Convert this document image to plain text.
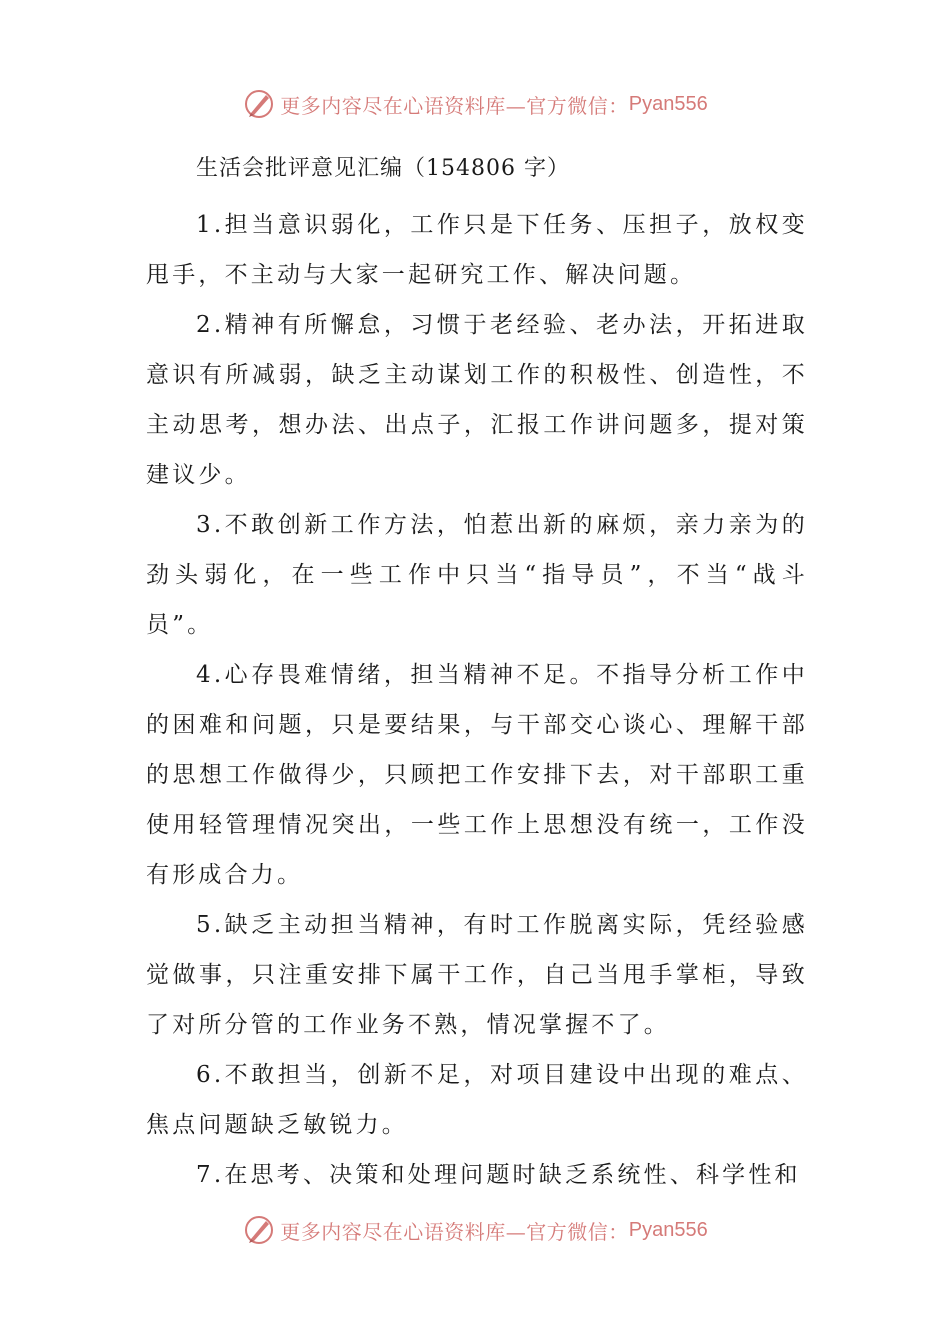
更多内容尽在心语资料库—官方微信： Pyan556
生活会批评意见汇编（154806 字）

1.担当意识弱化，工作只是下任务、压担子，放权变甩手，不主动与大家一起研究工作、解决问题。

2.精神有所懈怠，习惯于老经验、老办法，开拓进取意识有所减弱，缺乏主动谋划工作的积极性、创造性，不主动思考，想办法、出点子，汇报工作讲问题多，提对策建议少。

3.不敢创新工作方法，怕惹出新的麻烦，亲力亲为的劲头弱化，在一些工作中只当“指导员”，不当“战斗员”。

4.心存畏难情绪，担当精神不足。不指导分析工作中的困难和问题，只是要结果，与干部交心谈心、理解干部的思想工作做得少，只顾把工作安排下去，对干部职工重使用轻管理情况突出，一些工作上思想没有统一，工作没有形成合力。

5.缺乏主动担当精神，有时工作脱离实际，凭经验感觉做事，只注重安排下属干工作，自己当甩手掌柜，导致了对所分管的工作业务不熟，情况掌握不了。

6.不敢担当，创新不足，对项目建设中出现的难点、焦点问题缺乏敏锐力。

7.在思考、决策和处理问题时缺乏系统性、科学性和

更多内容尽在心语资料库—官方微信： Pyan556
